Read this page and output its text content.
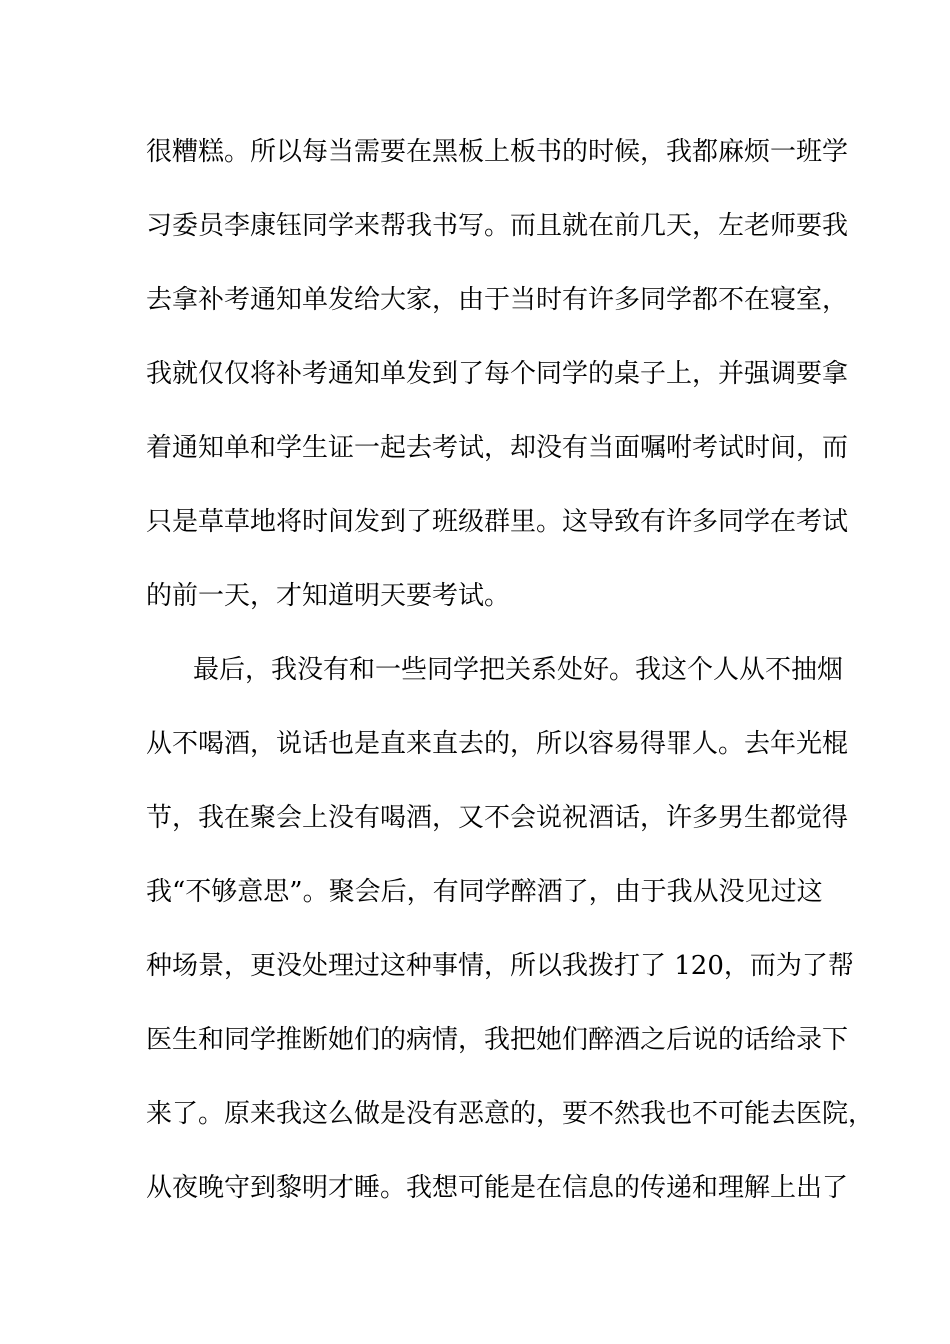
很糟糕。所以每当需要在黑板上板书的时候，我都麻烦一班学

习委员李康钰同学来帮我书写。而且就在前几天，左老师要我

去拿补考通知单发给大家，由于当时有许多同学都不在寝室，

我就仅仅将补考通知单发到了每个同学的桌子上，并强调要拿

着通知单和学生证一起去考试，却没有当面嘱咐考试时间，而

只是草草地将时间发到了班级群里。这导致有许多同学在考试

的前一天，才知道明天要考试。

最后，我没有和一些同学把关系处好。我这个人从不抽烟

从不喝酒，说话也是直来直去的，所以容易得罪人。去年光棍

节，我在聚会上没有喝酒，又不会说祝酒话，许多男生都觉得

我“不够意思”。聚会后，有同学醉酒了，由于我从没见过这

种场景，更没处理过这种事情，所以我拨打了 120，而为了帮

医生和同学推断她们的病情，我把她们醉酒之后说的话给录下

来了。原来我这么做是没有恶意的，要不然我也不可能去医院，

从夜晚守到黎明才睡。我想可能是在信息的传递和理解上出了
